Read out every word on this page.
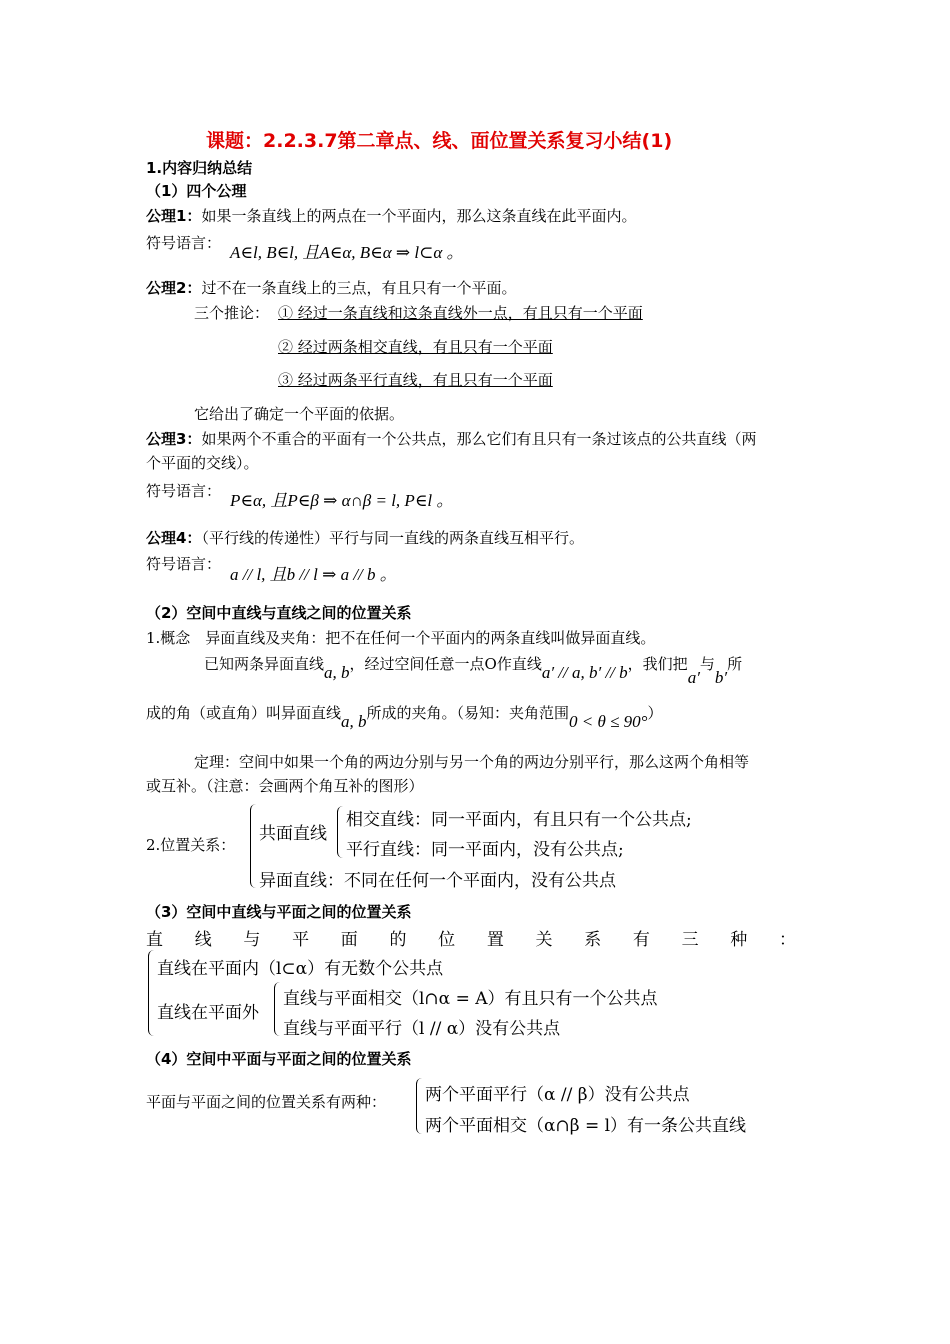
课题：2.2.3.7第二章点、线、面位置关系复习小结(1)
1.内容归纳总结
（1）四个公理
公理1：如果一条直线上的两点在一个平面内，那么这条直线在此平面内。
符号语言： A∈l, B∈l, 且A∈α, B∈α ⇒ l⊂α 。
公理2：过不在一条直线上的三点，有且只有一个平面。
三个推论： ① 经过一条直线和这条直线外一点，有且只有一个平面
② 经过两条相交直线，有且只有一个平面
③ 经过两条平行直线，有且只有一个平面
它给出了确定一个平面的依据。
公理3：如果两个不重合的平面有一个公共点，那么它们有且只有一条过该点的公共直线（两
个平面的交线）。
符号语言： P∈α, 且P∈β ⇒ α∩β = l, P∈l 。
公理4：（平行线的传递性）平行与同一直线的两条直线互相平行。
符号语言：
a // l, 且b // l ⇒ a // b 。
（2）空间中直线与直线之间的位置关系
1.概念　异面直线及夹角：把不在任何一个平面内的两条直线叫做异面直线。
已知两条异面直线a, b，经过空间任意一点O作直线a′ // a, b′ // b，我们把a′与b′所
成的角（或直角）叫异面直线a, b所成的夹角。（易知：夹角范围0 < θ ≤ 90°）
定理：空间中如果一个角的两边分别与另一个角的两边分别平行，那么这两个角相等
或互补。（注意：会画两个角互补的图形）
2.位置关系：
共面直线
相交直线：同一平面内，有且只有一个公共点;
平行直线：同一平面内，没有公共点;
异面直线：不同在任何一个平面内，没有公共点
（3）空间中直线与平面之间的位置关系
直 线 与 平 面 的 位 置 关 系 有 三 种 ：
直线在平面内（l⊂α）有无数个公共点
直线在平面外
直线与平面相交（l∩α = A）有且只有一个公共点
直线与平面平行（l // α）没有公共点
（4）空间中平面与平面之间的位置关系
平面与平面之间的位置关系有两种： 两个平面平行（α // β）没有公共点
两个平面相交（α∩β = l）有一条公共直线
